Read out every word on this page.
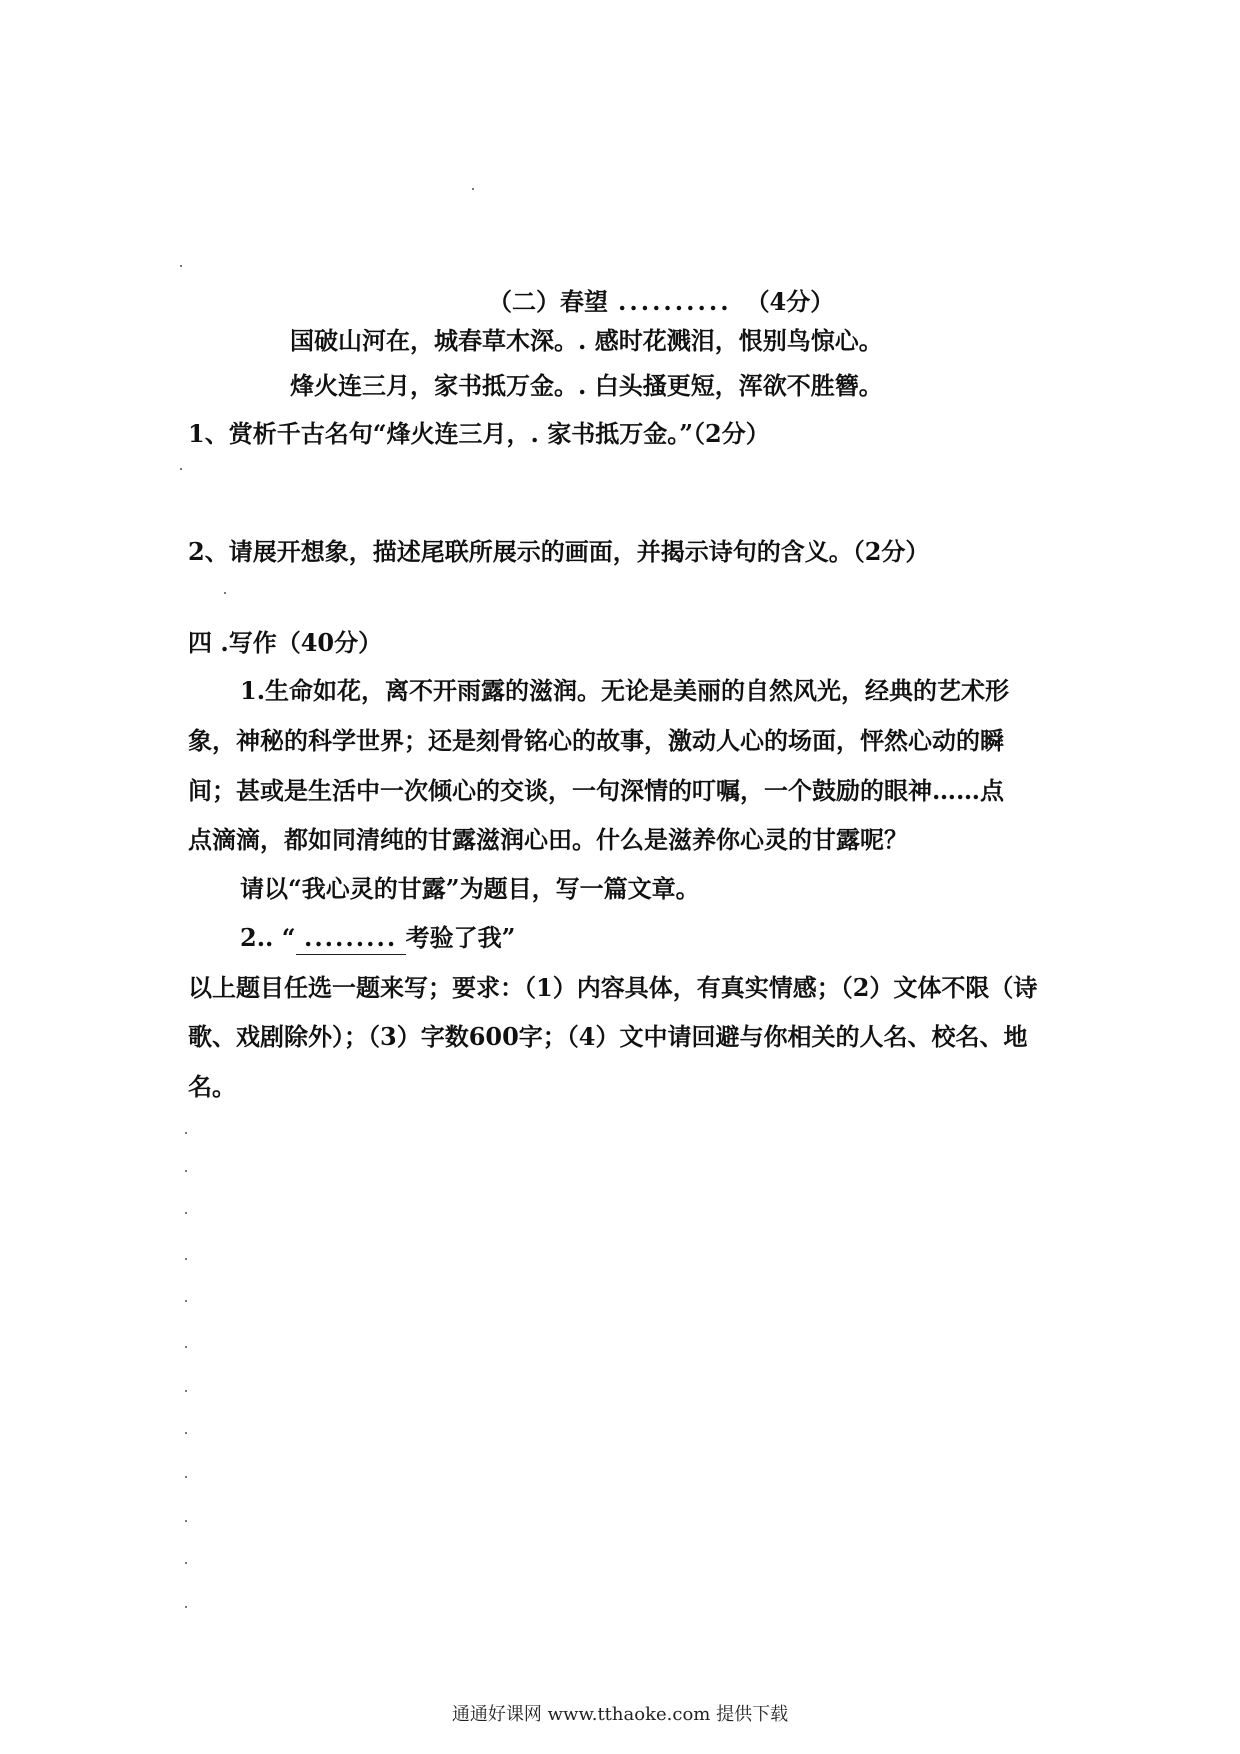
（二）春望 .......... （4分）
国破山河在，城春草木深。. 感时花溅泪，恨别鸟惊心。
烽火连三月，家书抵万金。. 白头搔更短，浑欲不胜簪。
1、赏析千古名句“烽火连三月，. 家书抵万金。”（2分）
2、请展开想象，描述尾联所展示的画面，并揭示诗句的含义。（2分）
四 .写作（40分）
1.生命如花，离不开雨露的滋润。无论是美丽的自然风光，经典的艺术形
象，神秘的科学世界；还是刻骨铭心的故事，激动人心的场面，怦然心动的瞬
间；甚或是生活中一次倾心的交谈，一句深情的叮嘱，一个鼓励的眼神……点
点滴滴，都如同清纯的甘露滋润心田。什么是滋养你心灵的甘露呢？
请以“我心灵的甘露”为题目，写一篇文章。
2.. “ ......... 考验了我”
以上题目任选一题来写；要求：（1）内容具体，有真实情感；（2）文体不限（诗
歌、戏剧除外）；（3）字数600字；（4）文中请回避与你相关的人名、校名、地
名。
通通好课网 www.tthaoke.com 提供下载
